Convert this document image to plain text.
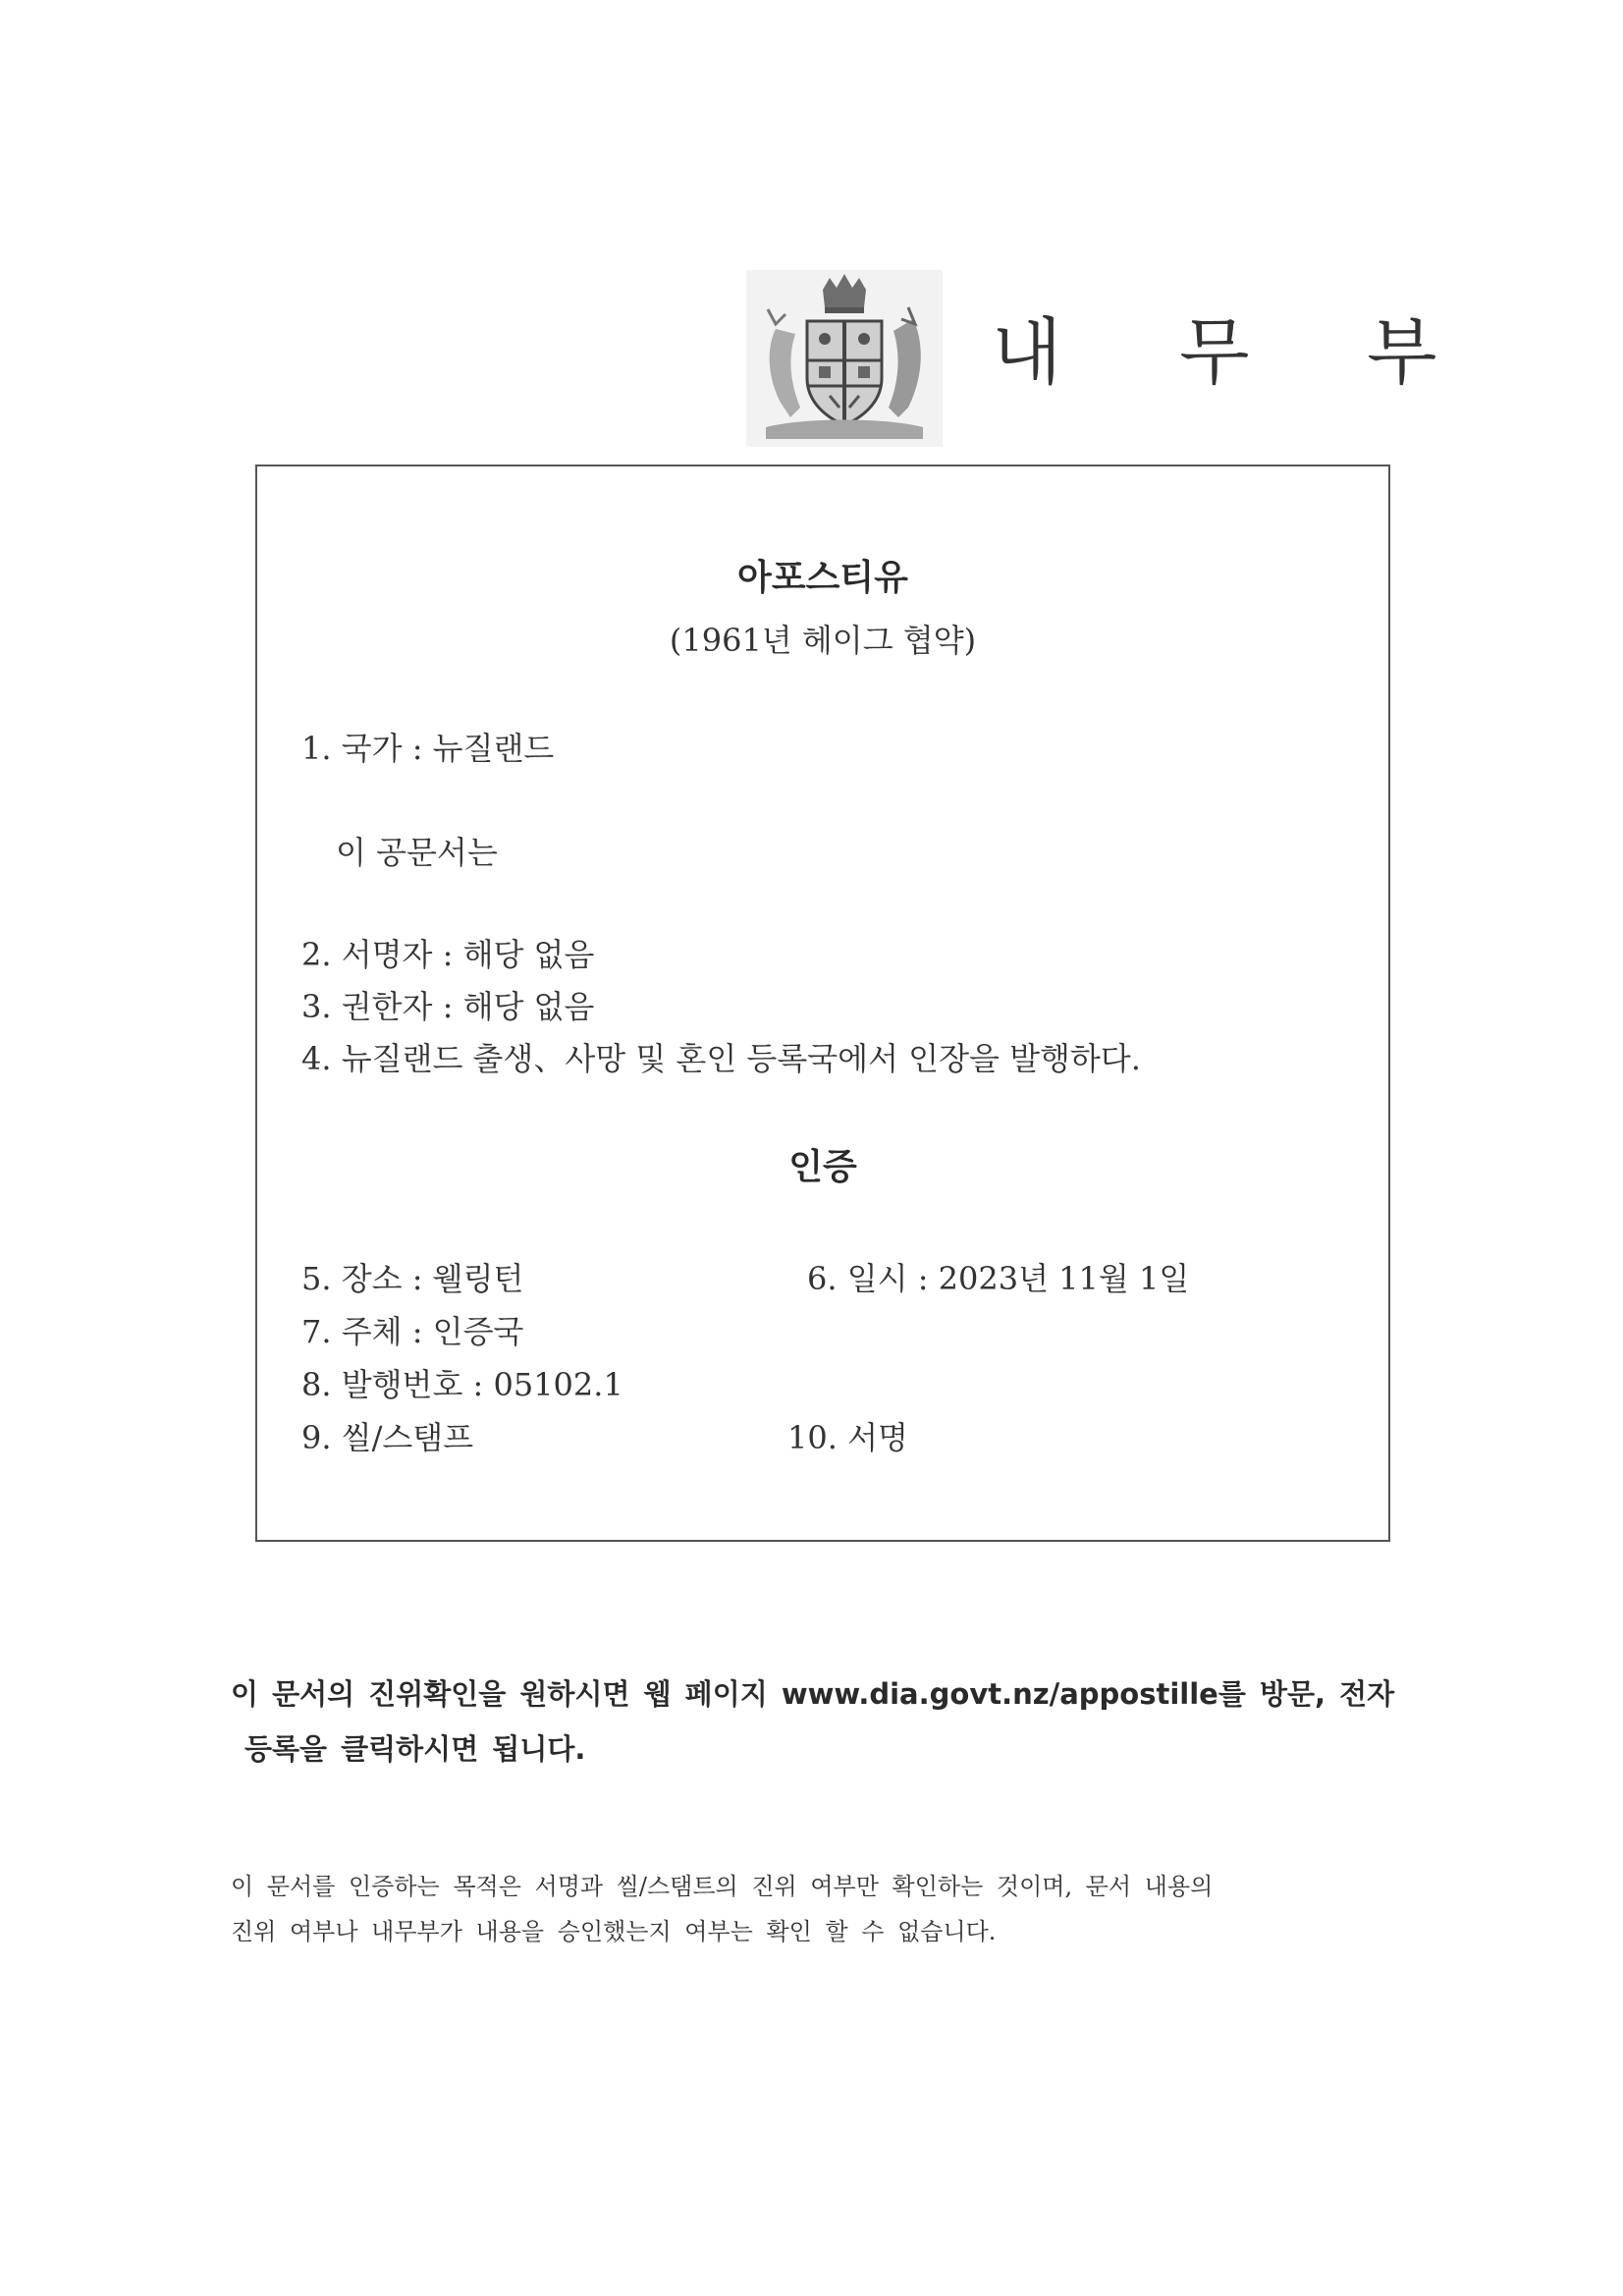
내 무 부
아포스티유
(1961년 헤이그 협약)
1. 국가 : 뉴질랜드
이 공문서는
2. 서명자 : 해당 없음
3. 권한자 : 해당 없음
4. 뉴질랜드 출생、사망 및 혼인 등록국에서 인장을 발행하다.
인증
5. 장소 : 웰링턴	6. 일시 : 2023년 11월 1일
7. 주체 : 인증국
8. 발행번호 : 05102.1
9. 씰/스탬프	10. 서명
이 문서의 진위확인을 원하시면 웹 페이지 www.dia.govt.nz/appostille를 방문, 전자
등록을 클릭하시면 됩니다.
이 문서를 인증하는 목적은 서명과 씰/스탬트의 진위 여부만 확인하는 것이며, 문서 내용의
진위 여부나 내무부가 내용을 승인했는지 여부는 확인 할 수 없습니다.
